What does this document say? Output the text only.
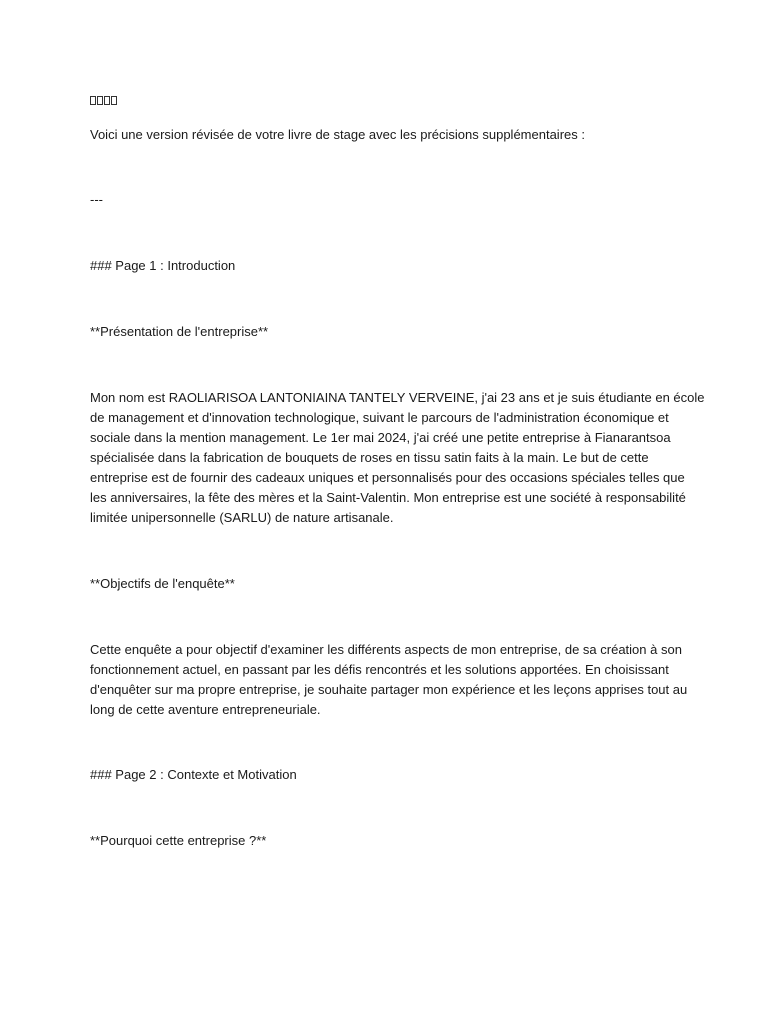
Voici une version révisée de votre livre de stage avec les précisions supplémentaires :

---

### Page 1 : Introduction

**Présentation de l'entreprise**

Mon nom est RAOLIARISOA LANTONIAINA TANTELY VERVEINE, j'ai 23 ans et je suis étudiante en école

de management et d'innovation technologique, suivant le parcours de l'administration économique et

sociale dans la mention management. Le 1er mai 2024, j'ai créé une petite entreprise à Fianarantsoa

spécialisée dans la fabrication de bouquets de roses en tissu satin faits à la main. Le but de cette

entreprise est de fournir des cadeaux uniques et personnalisés pour des occasions spéciales telles que

les anniversaires, la fête des mères et la Saint-Valentin. Mon entreprise est une société à responsabilité

limitée unipersonnelle (SARLU) de nature artisanale.

**Objectifs de l'enquête**

Cette enquête a pour objectif d'examiner les différents aspects de mon entreprise, de sa création à son

fonctionnement actuel, en passant par les défis rencontrés et les solutions apportées. En choisissant

d'enquêter sur ma propre entreprise, je souhaite partager mon expérience et les leçons apprises tout au

long de cette aventure entrepreneuriale.

### Page 2 : Contexte et Motivation

**Pourquoi cette entreprise ?**
